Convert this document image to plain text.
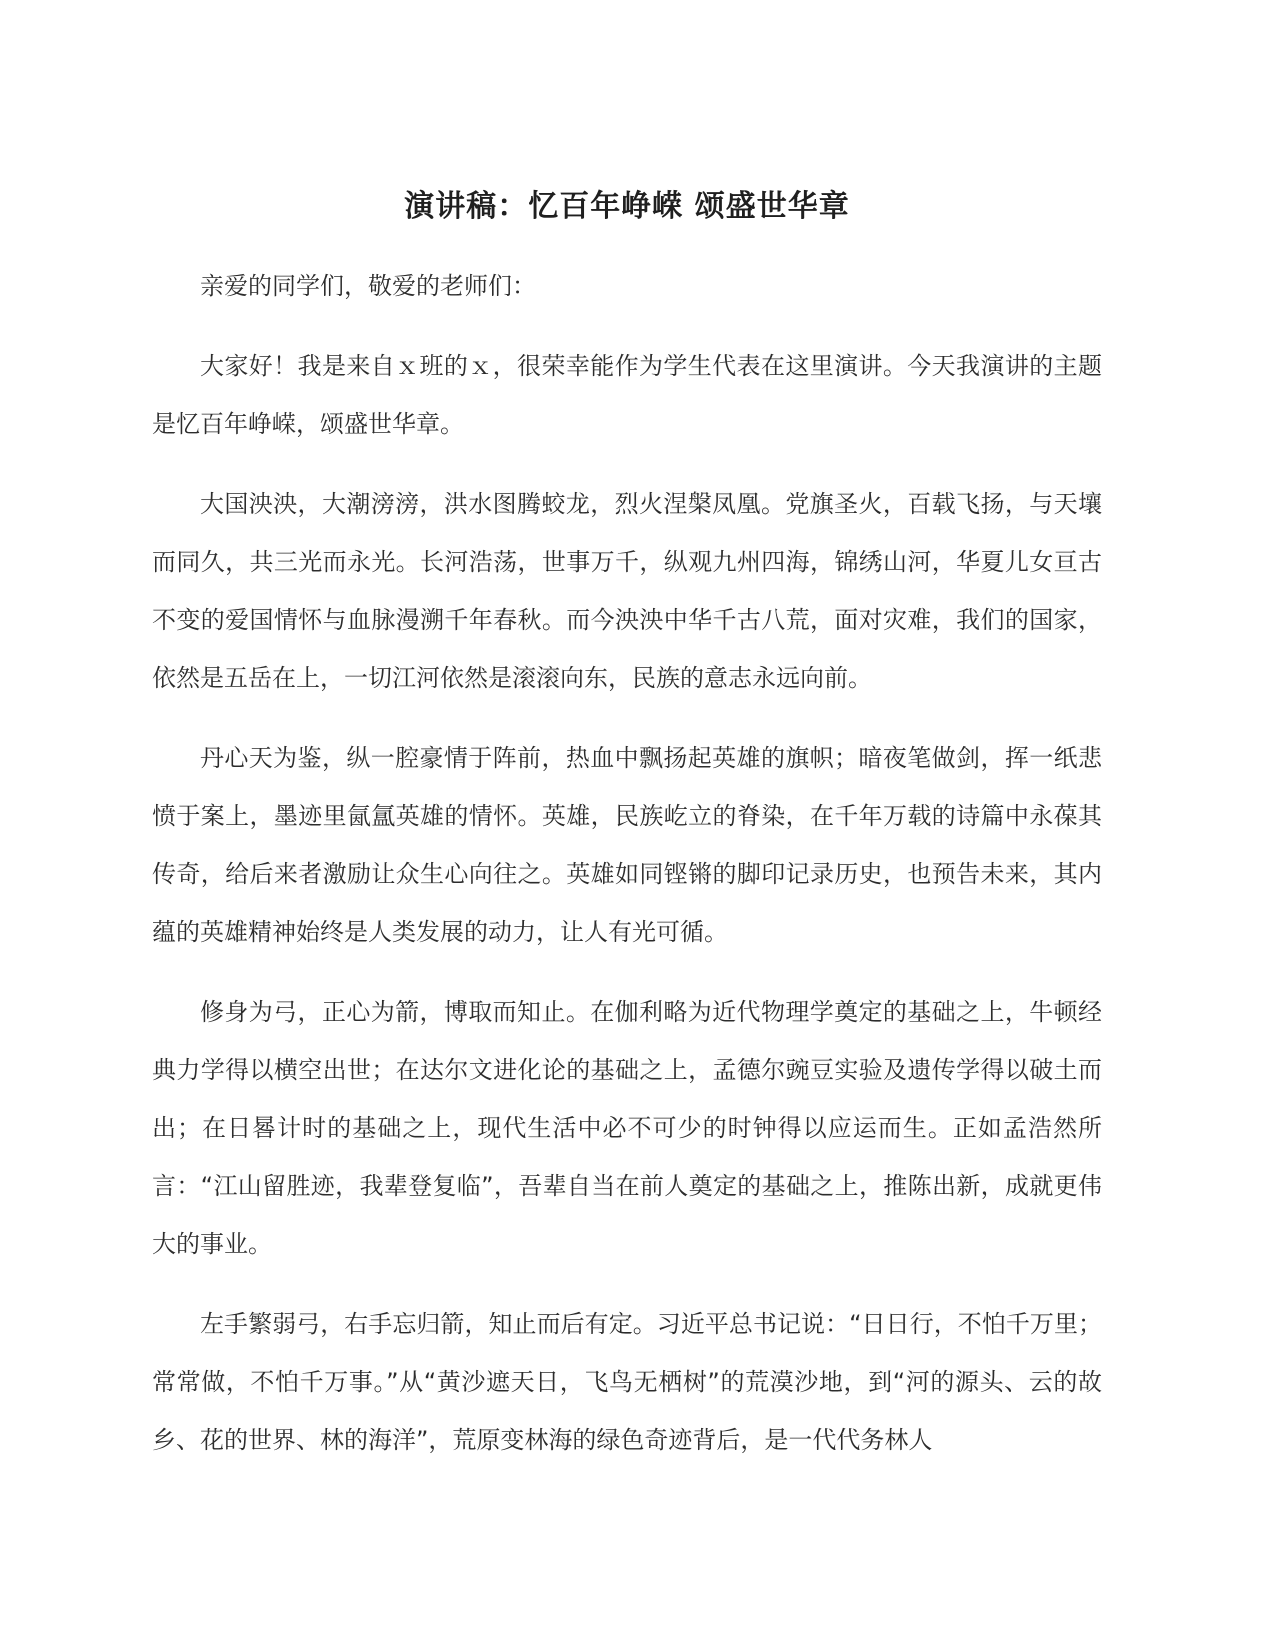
演讲稿：忆百年峥嵘 颂盛世华章

亲爱的同学们，敬爱的老师们：

大家好！我是来自ｘ班的ｘ，很荣幸能作为学生代表在这里演讲。今天我演讲的主题是忆百年峥嵘，颂盛世华章。

大国泱泱，大潮滂滂，洪水图腾蛟龙，烈火涅槃凤凰。党旗圣火，百载飞扬，与天壤而同久，共三光而永光。长河浩荡，世事万千，纵观九州四海，锦绣山河，华夏儿女亘古不变的爱国情怀与血脉漫溯千年春秋。而今泱泱中华千古八荒，面对灾难，我们的国家，依然是五岳在上，一切江河依然是滚滚向东，民族的意志永远向前。

丹心天为鉴，纵一腔豪情于阵前，热血中飘扬起英雄的旗帜；暗夜笔做剑，挥一纸悲愤于案上，墨迹里氤氲英雄的情怀。英雄，民族屹立的脊染，在千年万载的诗篇中永葆其传奇，给后来者激励让众生心向往之。英雄如同铿锵的脚印记录历史，也预告未来，其内蕴的英雄精神始终是人类发展的动力，让人有光可循。

修身为弓，正心为箭，博取而知止。在伽利略为近代物理学奠定的基础之上，牛顿经典力学得以横空出世；在达尔文进化论的基础之上，孟德尔豌豆实验及遗传学得以破土而出；在日晷计时的基础之上，现代生活中必不可少的时钟得以应运而生。正如孟浩然所言：“江山留胜迹，我辈登复临”，吾辈自当在前人奠定的基础之上，推陈出新，成就更伟大的事业。

左手繁弱弓，右手忘归箭，知止而后有定。习近平总书记说：“日日行，不怕千万里；常常做，不怕千万事。”从“黄沙遮天日，飞鸟无栖树”的荒漠沙地，到“河的源头、云的故乡、花的世界、林的海洋”，荒原变林海的绿色奇迹背后，是一代代务林人
